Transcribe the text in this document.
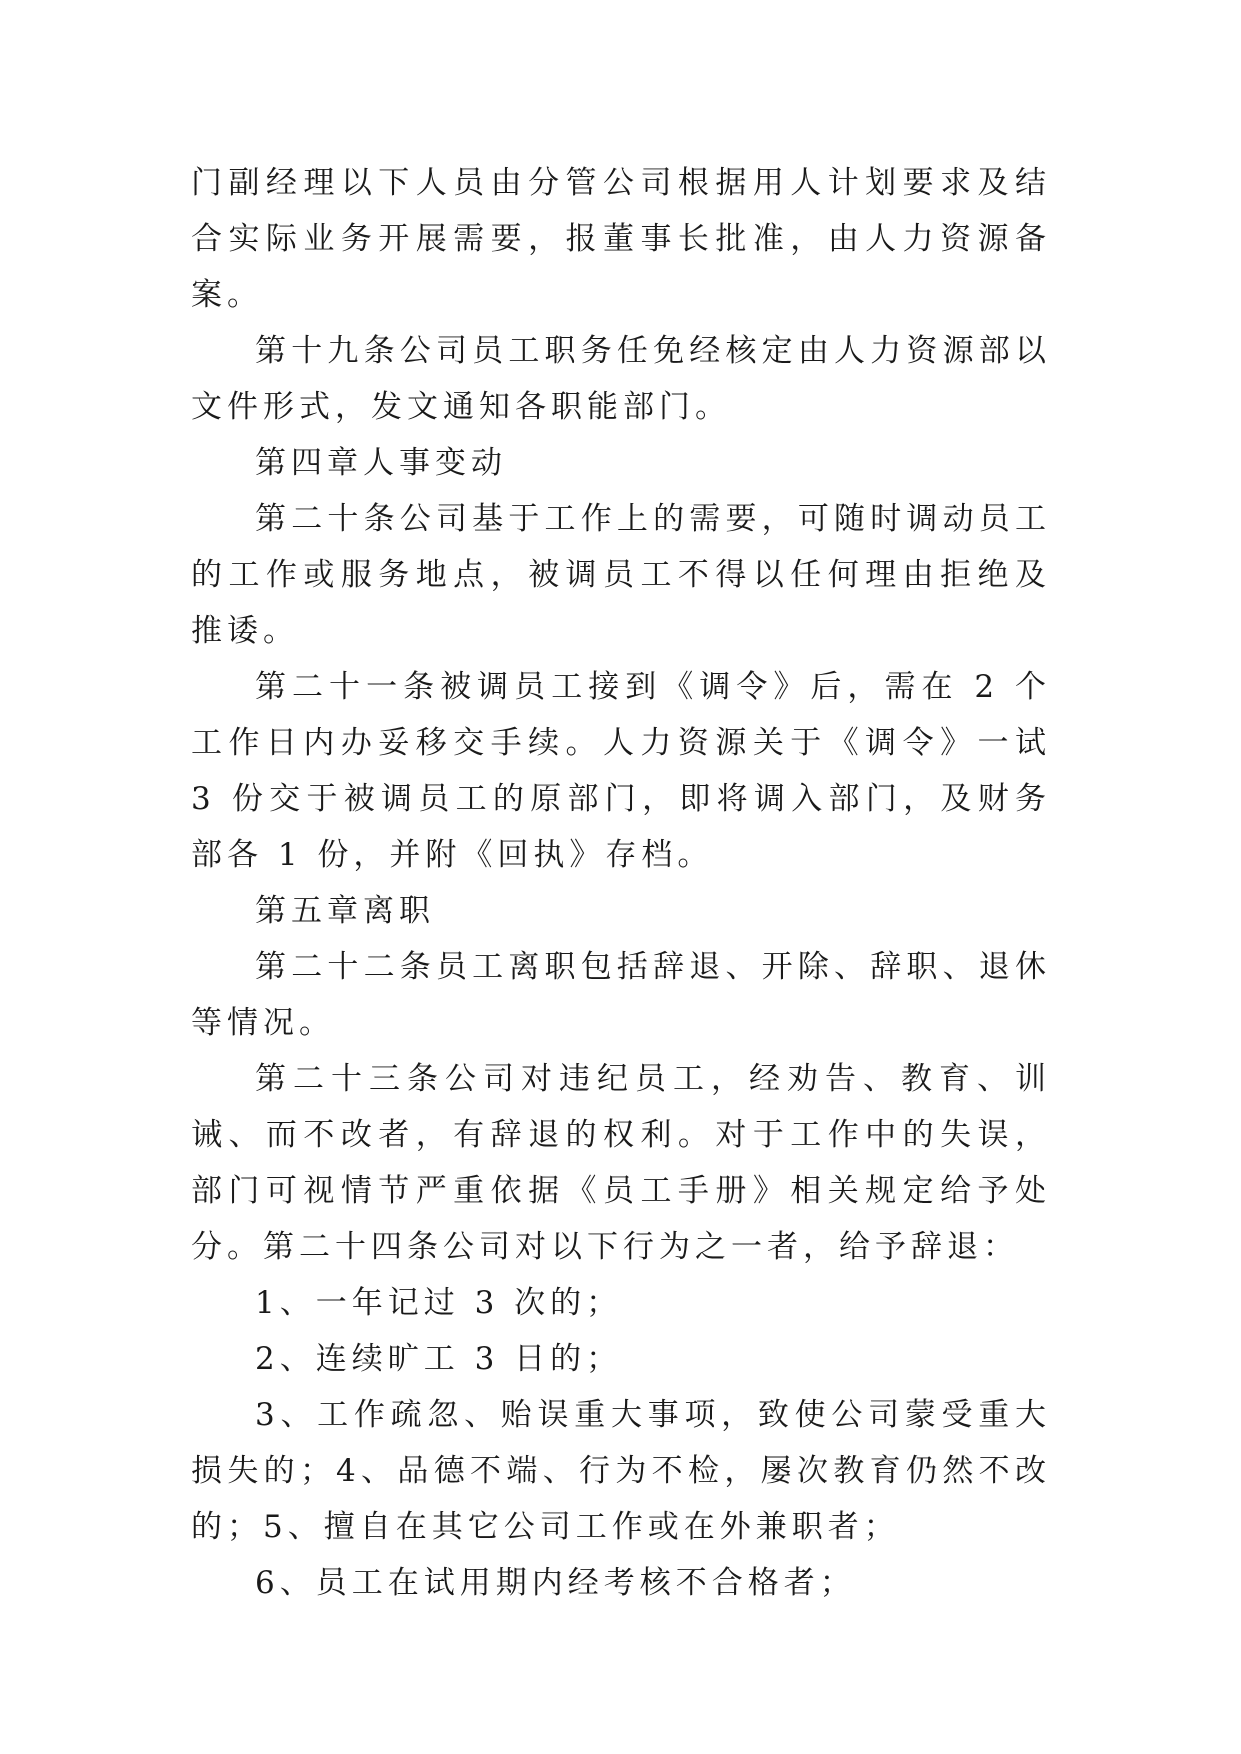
门副经理以下人员由分管公司根据用人计划要求及结合实际业务开展需要，报董事长批准，由人力资源备案。

第十九条公司员工职务任免经核定由人力资源部以文件形式，发文通知各职能部门。

第四章人事变动

第二十条公司基于工作上的需要，可随时调动员工的工作或服务地点，被调员工不得以任何理由拒绝及推诿。

第二十一条被调员工接到《调令》后，需在 2 个工作日内办妥移交手续。人力资源关于《调令》一试 3 份交于被调员工的原部门，即将调入部门，及财务部各 1 份，并附《回执》存档。

第五章离职

第二十二条员工离职包括辞退、开除、辞职、退休等情况。

第二十三条公司对违纪员工，经劝告、教育、训诫、而不改者，有辞退的权利。对于工作中的失误，部门可视情节严重依据《员工手册》相关规定给予处分。第二十四条公司对以下行为之一者，给予辞退：

1、一年记过 3 次的；

2、连续旷工 3 日的；

3、工作疏忽、贻误重大事项，致使公司蒙受重大损失的；4、品德不端、行为不检，屡次教育仍然不改的；5、擅自在其它公司工作或在外兼职者；

6、员工在试用期内经考核不合格者；
